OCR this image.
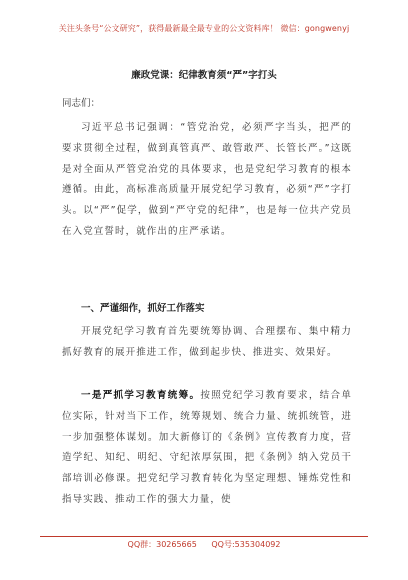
关注头条号“公文研究”，获得最新最全最专业的公文资料库！ 微信：gongwenyj
廉政党课：纪律教育须“严”字打头
同志们：
习近平总书记强调：“管党治党，必须严字当头，把严的要求贯彻全过程，做到真管真严、敢管敢严、长管长严。”这既是对全面从严管党治党的具体要求，也是党纪学习教育的根本遵循。由此，高标准高质量开展党纪学习教育，必须“严”字打头。以“严”促学，做到“严守党的纪律”，也是每一位共产党员在入党宣誓时，就作出的庄严承诺。
一、严谨细作，抓好工作落实
开展党纪学习教育首先要统筹协调、合理摆布、集中精力抓好教育的展开推进工作，做到起步快、推进实、效果好。
一是严抓学习教育统筹。按照党纪学习教育要求，结合单位实际，针对当下工作，统筹规划、统合力量、统抓统管，进一步加强整体谋划。加大新修订的《条例》宣传教育力度，营造学纪、知纪、明纪、守纪浓厚氛围，把《条例》纳入党员干部培训必修课。把党纪学习教育转化为坚定理想、锤炼党性和指导实践、推动工作的强大力量，使
QQ群：30265665 QQ号:535304092
